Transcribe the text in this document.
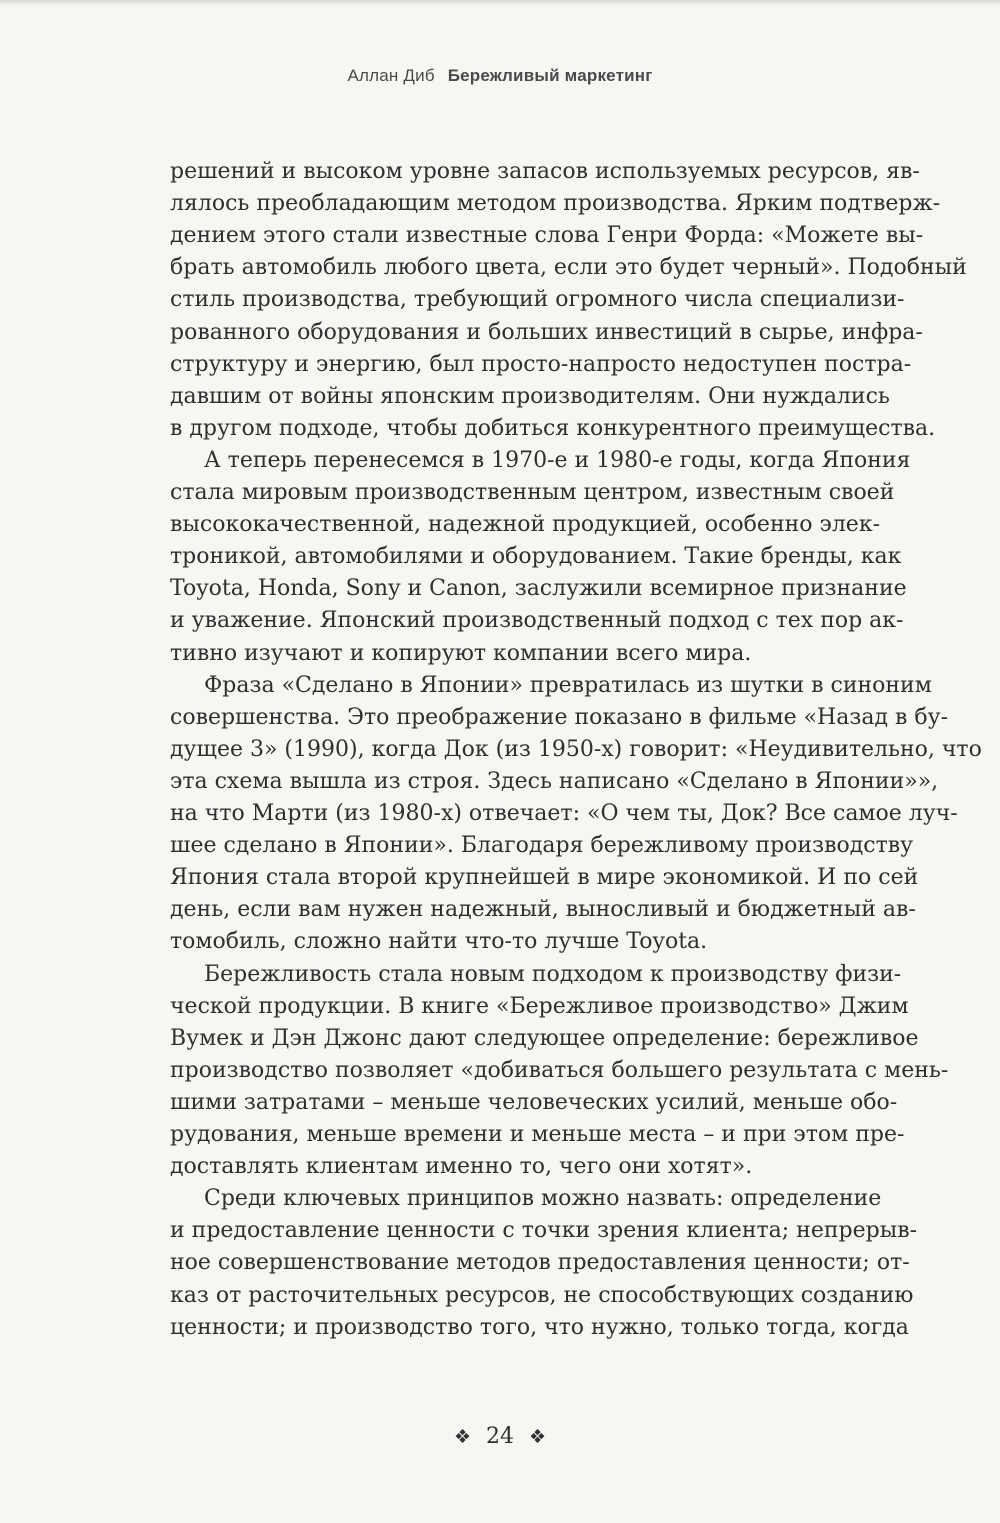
Аллан Диб Бережливый маркетинг
решений и высоком уровне запасов используемых ресурсов, яв-
лялось преобладающим методом производства. Ярким подтверж-
дением этого стали известные слова Генри Форда: «Можете вы-
брать автомобиль любого цвета, если это будет черный». Подобный
стиль производства, требующий огромного числа специализи-
рованного оборудования и больших инвестиций в сырье, инфра-
структуру и энергию, был просто-напросто недоступен постра-
давшим от войны японским производителям. Они нуждались
в другом подходе, чтобы добиться конкурентного преимущества.
А теперь перенесемся в 1970-е и 1980-е годы, когда Япония
стала мировым производственным центром, известным своей
высококачественной, надежной продукцией, особенно элек-
троникой, автомобилями и оборудованием. Такие бренды, как
Toyota, Honda, Sony и Canon, заслужили всемирное признание
и уважение. Японский производственный подход с тех пор ак-
тивно изучают и копируют компании всего мира.
Фраза «Сделано в Японии» превратилась из шутки в синоним
совершенства. Это преображение показано в фильме «Назад в бу-
дущее 3» (1990), когда Док (из 1950-х) говорит: «Неудивительно, что
эта схема вышла из строя. Здесь написано «Сделано в Японии»»,
на что Марти (из 1980-х) отвечает: «О чем ты, Док? Все самое луч-
шее сделано в Японии». Благодаря бережливому производству
Япония стала второй крупнейшей в мире экономикой. И по сей
день, если вам нужен надежный, выносливый и бюджетный ав-
томобиль, сложно найти что-то лучше Toyota.
Бережливость стала новым подходом к производству физи-
ческой продукции. В книге «Бережливое производство» Джим
Вумек и Дэн Джонс дают следующее определение: бережливое
производство позволяет «добиваться большего результата с мень-
шими затратами – меньше человеческих усилий, меньше обо-
рудования, меньше времени и меньше места – и при этом пре-
доставлять клиентам именно то, чего они хотят».
Среди ключевых принципов можно назвать: определение
и предоставление ценности с точки зрения клиента; непрерыв-
ное совершенствование методов предоставления ценности; от-
каз от расточительных ресурсов, не способствующих созданию
ценности; и производство того, что нужно, только тогда, когда
❖ 24 ❖
